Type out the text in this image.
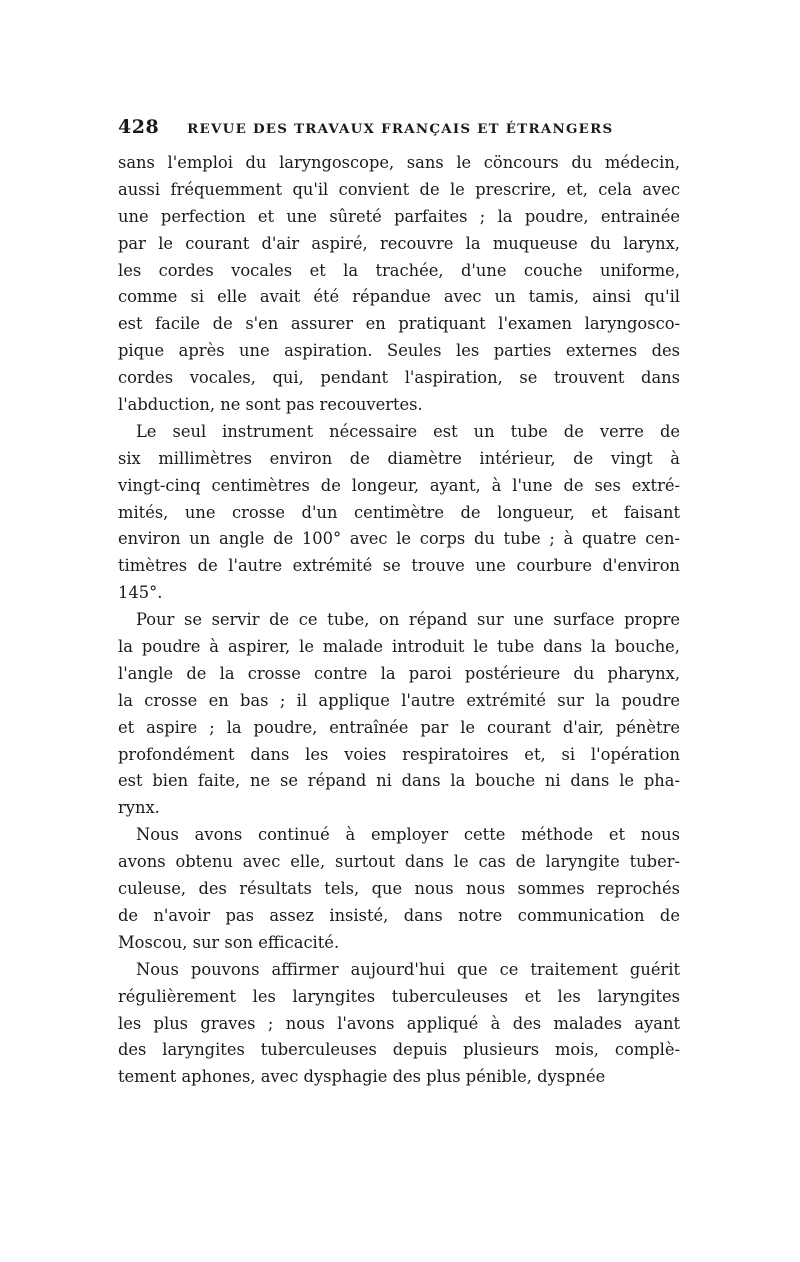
428 REVUE DES TRAVAUX FRANÇAIS ET ÉTRANGERS
sans l'emploi du laryngoscope, sans le cöncours du médecin,
aussi fréquemment qu'il convient de le prescrire, et, cela avec
une perfection et une sûreté parfaites ; la poudre, entrainée
par le courant d'air aspiré, recouvre la muqueuse du larynx,
les cordes vocales et la trachée, d'une couche uniforme,
comme si elle avait été répandue avec un tamis, ainsi qu'il
est facile de s'en assurer en pratiquant l'examen laryngosco-
pique après une aspiration. Seules les parties externes des
cordes vocales, qui, pendant l'aspiration, se trouvent dans
l'abduction, ne sont pas recouvertes.
Le seul instrument nécessaire est un tube de verre de
six millimètres environ de diamètre intérieur, de vingt à
vingt-cinq centimètres de longeur, ayant, à l'une de ses extré-
mités, une crosse d'un centimètre de longueur, et faisant
environ un angle de 100° avec le corps du tube ; à quatre cen-
timètres de l'autre extrémité se trouve une courbure d'environ
145°.
Pour se servir de ce tube, on répand sur une surface propre
la poudre à aspirer, le malade introduit le tube dans la bouche,
l'angle de la crosse contre la paroi postérieure du pharynx,
la crosse en bas ; il applique l'autre extrémité sur la poudre
et aspire ; la poudre, entraînée par le courant d'air, pénètre
profondément dans les voies respiratoires et, si l'opération
est bien faite, ne se répand ni dans la bouche ni dans le pha-
rynx.
Nous avons continué à employer cette méthode et nous
avons obtenu avec elle, surtout dans le cas de laryngite tuber-
culeuse, des résultats tels, que nous nous sommes reprochés
de n'avoir pas assez insisté, dans notre communication de
Moscou, sur son efficacité.
Nous pouvons affirmer aujourd'hui que ce traitement guérit
régulièrement les laryngites tuberculeuses et les laryngites
les plus graves ; nous l'avons appliqué à des malades ayant
des laryngites tuberculeuses depuis plusieurs mois, complè-
tement aphones, avec dysphagie des plus pénible, dyspnée
